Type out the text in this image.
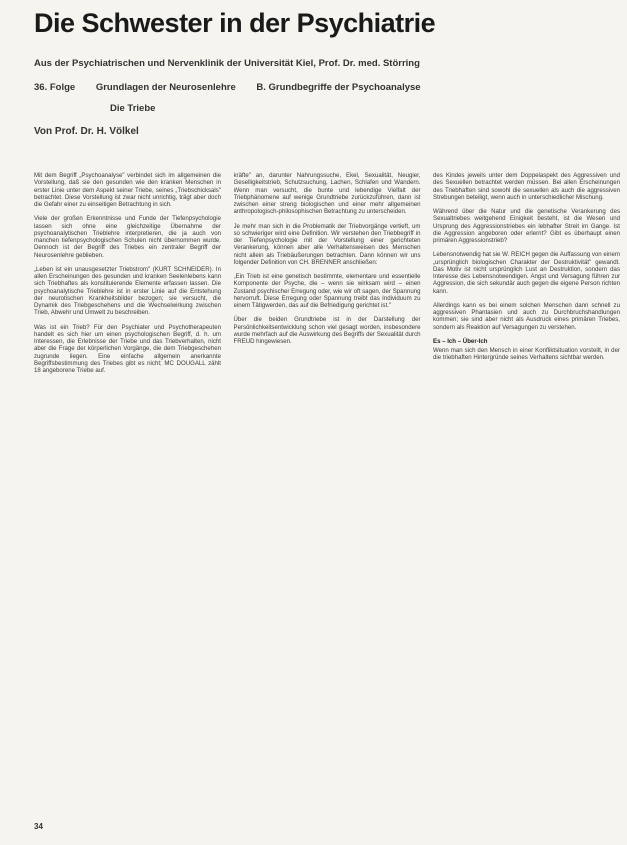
Die Schwester in der Psychiatrie
Aus der Psychiatrischen und Nervenklinik der Universität Kiel, Prof. Dr. med. Störring
36. Folge Grundlagen der Neurosenlehre B. Grundbegriffe der Psychoanalyse
Die Triebe
Von Prof. Dr. H. Völkel

Mit dem Begriff „Psychoanalyse" verbindet sich im allgemeinen die Vorstellung, daß sie den gesunden wie den kranken Menschen in erster Linie unter dem Aspekt seiner Triebe, seines „Triebschicksals" betrachtet. Diese Vorstellung ist zwar nicht unrichtig, trägt aber doch die Gefahr einer zu einseitigen Betrachtung in sich.

Viele der großen Erkenntnisse und Funde der Tiefenpsychologie lassen sich ohne eine gleichzeitige Übernahme der psychoanalytischen Trieblehre interpretieren, die ja auch von manchen tiefenpsychologischen Schulen nicht übernommen wurde. Dennoch ist der Begriff des Triebes ein zentraler Begriff der Neurosenlehre geblieben.

„Leben ist ein unausgesetzter Triebstrom" (KURT SCHNEIDER). In allen Erscheinungen des gesunden und kranken Seelenlebens kann sich Triebhaftes als konstituierende Elemente erfassen lassen. Die psychoanalytische Trieblehre ist in erster Linie auf die Entstehung der neurotischen Krankheitsbilder bezogen; sie versucht, die Dynamik des Triebgeschehens und die Wechselwirkung zwischen Trieb, Abwehr und Umwelt zu beschreiben.

Was ist ein Trieb? Für den Psychiater und Psychotherapeuten handelt es sich hier um einen psychologischen Begriff, d. h. um Interessen, die Erlebnisse der Triebe und das Triebverhalten, nicht aber die Frage der körperlichen Vorgänge, die dem Triebgeschehen zugrunde liegen. Eine einfache allgemein anerkannte Begriffsbestimmung des Triebes gibt es nicht; MC DOUGALL zählt 18 angeborene Triebe auf.

kräfte" an, darunter Nahrungssuche, Ekel, Sexualität, Neugier, Geselligkeitstrieb, Schutzsuchung, Lachen, Schlafen und Wandern. Wenn man versucht, die bunte und lebendige Vielfalt der Triebphänomene auf wenige Grundtriebe zurückzuführen, dann ist zwischen einer streng biologischen und einer mehr allgemeinen anthropologisch-philosophischen Betrachtung zu unterscheiden.

Je mehr man sich in die Problematik der Triebvorgänge vertieft, um so schwieriger wird eine Definition. Wir verstehen den Triebbegriff in der Tiefenpsychologie mit der Vorstellung einer gerichteten Verankerung, können aber alle Verhaltensweisen des Menschen nicht allein als Triebäußerungen betrachten. Dann können wir uns folgender Definition von CH. BRENNER anschließen:

„Ein Trieb ist eine genetisch bestimmte, elementare und essentielle Komponente der Psyche, die – wenn sie wirksam wird – einen Zustand psychischer Erregung oder, wie wir oft sagen, der Spannung hervorruft. Diese Erregung oder Spannung treibt das Individuum zu einem Tätigwerden, das auf die Befriedigung gerichtet ist."

Über die beiden Grundtriebe ist in der Darstellung der Persönlichkeitsentwicklung schon viel gesagt worden, insbesondere wurde mehrfach auf die Auswirkung des Begriffs der Sexualität durch FREUD hingewiesen.

des Kindes jeweils unter dem Doppelaspekt des Aggressiven und des Sexuellen betrachtet werden müssen. Bei allen Erscheinungen des Triebhaften sind sowohl die sexuellen als auch die aggressiven Strebungen beteiligt, wenn auch in unterschiedlicher Mischung.

Während über die Natur und die genetische Verankerung des Sexualtriebes weitgehend Einigkeit besteht, ist die Wesen und Ursprung des Aggressionstriebes ein lebhafter Streit im Gange. Ist die Aggression angeboren oder erlernt? Gibt es überhaupt einen primären Aggressionstrieb?

Lebensnotwendig hat sie W. REICH gegen die Auffassung von einem „ursprünglich biologischen Charakter der Destruktivität" gewandt. Das Motiv ist nicht ursprünglich Lust an Destruktion, sondern das Interesse des Lebensnotwendigen. Angst und Versagung führen zur Aggression, die sich sekundär auch gegen die eigene Person richten kann.

Allerdings kann es bei einem solchen Menschen dann schnell zu aggressiven Phantasien und auch zu Durchbruchshandlungen kommen; sie sind aber nicht als Ausdruck eines primären Triebes, sondern als Reaktion auf Versagungen zu verstehen.

Es – Ich – Über-Ich

Wenn man sich den Mensch in einer Konfliktsituation vorstellt, in der die triebhaften Hintergründe seines Verhaltens sichtbar werden.

34
